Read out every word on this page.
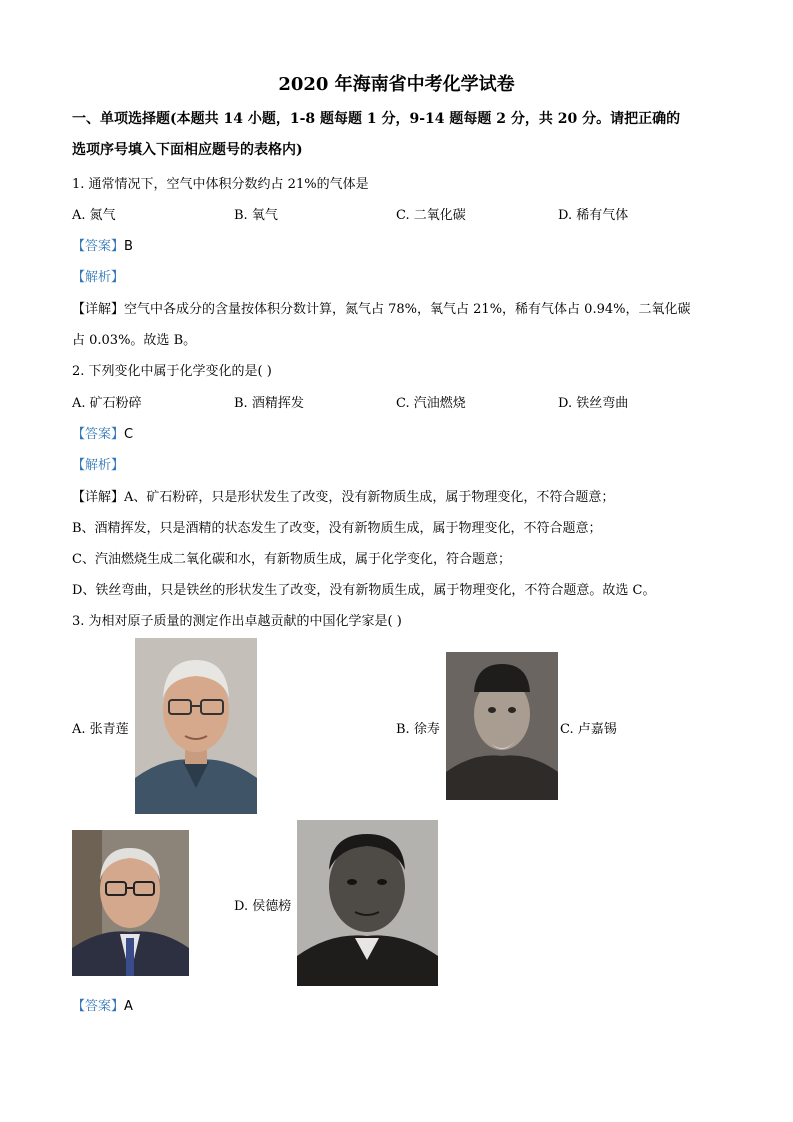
2020 年海南省中考化学试卷
一、单项选择题(本题共 14 小题，1-8 题每题 1 分，9-14 题每题 2 分，共 20 分。请把正确的
选项序号填入下面相应题号的表格内)
1. 通常情况下，空气中体积分数约占 21%的气体是
A. 氮气	B. 氧气	C. 二氧化碳	D. 稀有气体
【答案】B
【解析】
【详解】空气中各成分的含量按体积分数计算，氮气占 78%，氧气占 21%，稀有气体占 0.94%，二氧化碳
占 0.03%。故选 B。
2. 下列变化中属于化学变化的是( )
A. 矿石粉碎	B. 酒精挥发	C. 汽油燃烧	D. 铁丝弯曲
【答案】C
【解析】
【详解】A、矿石粉碎，只是形状发生了改变，没有新物质生成，属于物理变化，不符合题意；
B、酒精挥发，只是酒精的状态发生了改变，没有新物质生成，属于物理变化，不符合题意；
C、汽油燃烧生成二氧化碳和水，有新物质生成，属于化学变化，符合题意；
D、铁丝弯曲，只是铁丝的形状发生了改变，没有新物质生成，属于物理变化，不符合题意。故选 C。
3. 为相对原子质量的测定作出卓越贡献的中国化学家是( )
A. 张青莲	B. 徐寿	C. 卢嘉锡
D. 侯德榜
【答案】A
